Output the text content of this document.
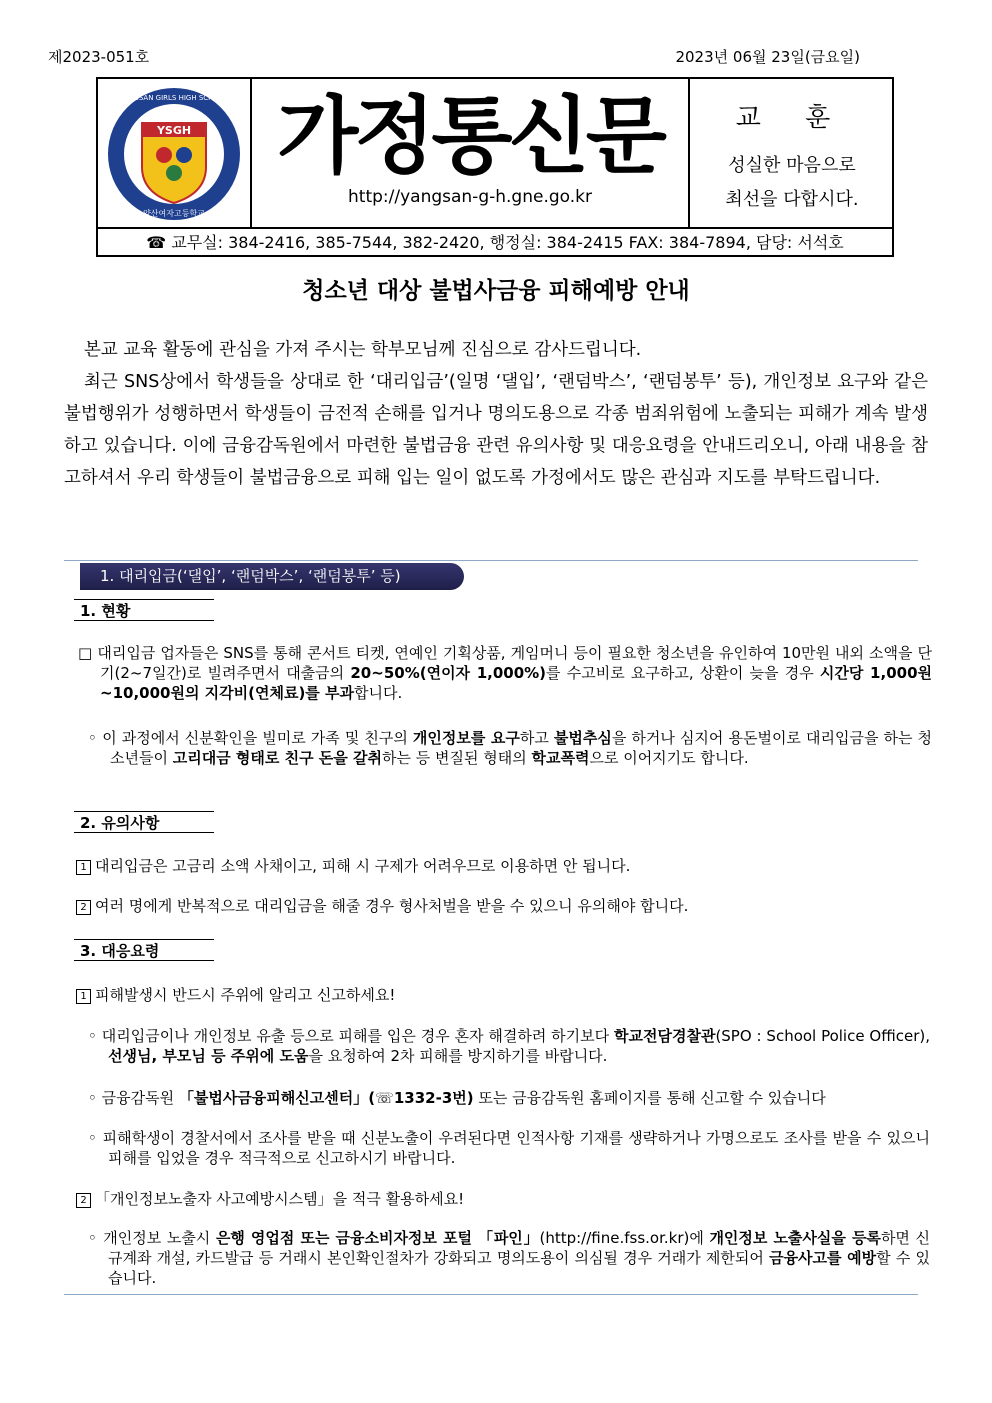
제2023-051호	2023년 06월 23일(금요일)
YSGH
YANGSAN GIRLS HIGH SCHOOL
양산여자고등학교
가정통신문
http://yangsan-g-h.gne.go.kr
교 훈
성실한 마음으로
최선을 다합시다.
☎ 교무실: 384-2416, 385-7544, 382-2420, 행정실: 384-2415 FAX: 384-7894, 담당: 서석호
청소년 대상 불법사금융 피해예방 안내

본교 교육 활동에 관심을 가져 주시는 학부모님께 진심으로 감사드립니다.

최근 SNS상에서 학생들을 상대로 한 ‘대리입금’(일명 ‘댈입’, ‘랜덤박스’, ‘랜덤봉투’ 등), 개인정보 요구와 같은 불법행위가 성행하면서 학생들이 금전적 손해를 입거나 명의도용으로 각종 범죄위험에 노출되는 피해가 계속 발생하고 있습니다. 이에 금융감독원에서 마련한 불법금융 관련 유의사항 및 대응요령을 안내드리오니, 아래 내용을 참고하셔서 우리 학생들이 불법금융으로 피해 입는 일이 없도록 가정에서도 많은 관심과 지도를 부탁드립니다.

1. 대리입금(‘댈입’, ‘랜덤박스’, ‘랜덤봉투’ 등)
1. 현황
□ 대리입금 업자들은 SNS를 통해 콘서트 티켓, 연예인 기획상품, 게임머니 등이 필요한 청소년을 유인하여 10만원 내외 소액을 단기(2~7일간)로 빌려주면서 대출금의 20~50%(연이자 1,000%)를 수고비로 요구하고, 상환이 늦을 경우 시간당 1,000원~10,000원의 지각비(연체료)를 부과합니다.
◦ 이 과정에서 신분확인을 빌미로 가족 및 친구의 개인정보를 요구하고 불법추심을 하거나 심지어 용돈벌이로 대리입금을 하는 청소년들이 고리대금 형태로 친구 돈을 갈취하는 등 변질된 형태의 학교폭력으로 이어지기도 합니다.
2. 유의사항
1 대리입금은 고금리 소액 사채이고, 피해 시 구제가 어려우므로 이용하면 안 됩니다.
2 여러 명에게 반복적으로 대리입금을 해줄 경우 형사처벌을 받을 수 있으니 유의해야 합니다.
3. 대응요령
1 피해발생시 반드시 주위에 알리고 신고하세요!
◦ 대리입금이나 개인정보 유출 등으로 피해를 입은 경우 혼자 해결하려 하기보다 학교전담경찰관(SPO : School Police Officer), 선생님, 부모님 등 주위에 도움을 요청하여 2차 피해를 방지하기를 바랍니다.
◦ 금융감독원 「불법사금융피해신고센터」(☏1332-3번) 또는 금융감독원 홈페이지를 통해 신고할 수 있습니다
◦ 피해학생이 경찰서에서 조사를 받을 때 신분노출이 우려된다면 인적사항 기재를 생략하거나 가명으로도 조사를 받을 수 있으니 피해를 입었을 경우 적극적으로 신고하시기 바랍니다.
2 「개인정보노출자 사고예방시스템」을 적극 활용하세요!
◦ 개인정보 노출시 은행 영업점 또는 금융소비자정보 포털 「파인」(http://fine.fss.or.kr)에 개인정보 노출사실을 등록하면 신규계좌 개설, 카드발급 등 거래시 본인확인절차가 강화되고 명의도용이 의심될 경우 거래가 제한되어 금융사고를 예방할 수 있습니다.
